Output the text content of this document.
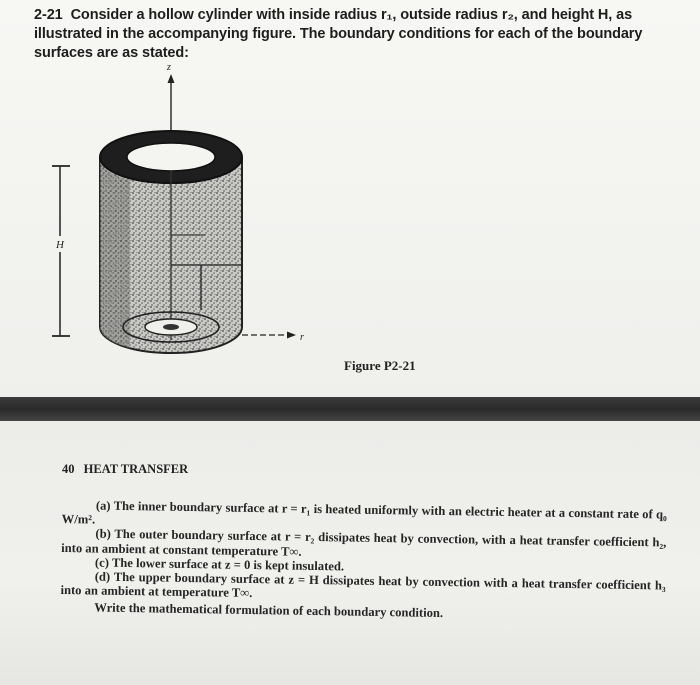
2-21 Consider a hollow cylinder with inside radius r₁, outside radius r₂, and height H, as illustrated in the accompanying figure. The boundary conditions for each of the boundary surfaces are as stated:
z
r
H
Figure P2-21
40 HEAT TRANSFER

(a) The inner boundary surface at r = r₁ is heated uniformly with an electric heater at a constant rate of q₀ W/m².

(b) The outer boundary surface at r = r₂ dissipates heat by convection, with a heat transfer coefficient h₂, into an ambient at constant temperature T∞.

(c) The lower surface at z = 0 is kept insulated.

(d) The upper boundary surface at z = H dissipates heat by convection with a heat transfer coefficient h₃ into an ambient at temperature T∞.

Write the mathematical formulation of each boundary condition.
